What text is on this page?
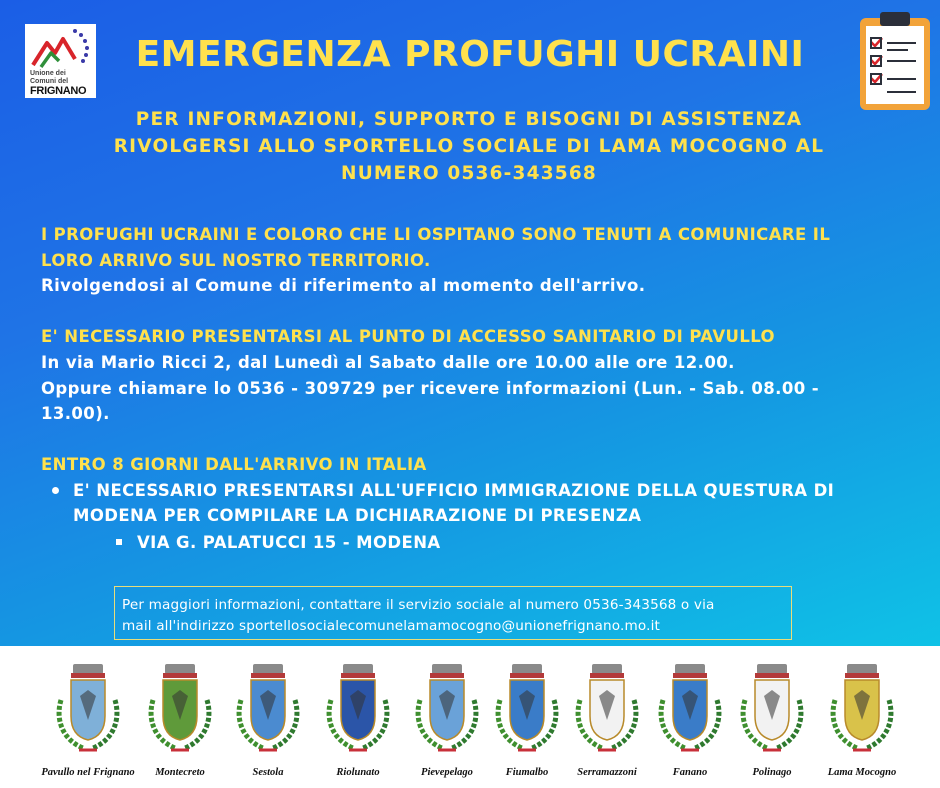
Unione dei
Comuni del
FRIGNANO
EMERGENZA PROFUGHI UCRAINI
PER INFORMAZIONI, SUPPORTO E BISOGNI DI ASSISTENZA
RIVOLGERSI ALLO SPORTELLO SOCIALE DI LAMA MOCOGNO AL
NUMERO 0536-343568
I PROFUGHI UCRAINI E COLORO CHE LI OSPITANO SONO TENUTI A COMUNICARE IL
LORO ARRIVO SUL NOSTRO TERRITORIO.
Rivolgendosi al Comune di riferimento al momento dell'arrivo.
E' NECESSARIO PRESENTARSI AL PUNTO DI ACCESSO SANITARIO DI PAVULLO
In via Mario Ricci 2, dal Lunedì al Sabato dalle ore 10.00 alle ore 12.00.
Oppure chiamare lo 0536 - 309729 per ricevere informazioni (Lun. - Sab. 08.00 -
13.00).
ENTRO 8 GIORNI DALL'ARRIVO IN ITALIA
E' NECESSARIO PRESENTARSI ALL'UFFICIO IMMIGRAZIONE DELLA QUESTURA DI
MODENA PER COMPILARE LA DICHIARAZIONE DI PRESENZA
VIA G. PALATUCCI 15 - MODENA
Per maggiori informazioni, contattare il servizio sociale al numero 0536-343568 o via
mail all'indirizzo sportellosocialecomunelamamocogno@unionefrignano.mo.it
Pavullo nel Frignano	Montecreto	Sestola	Riolunato	Pievepelago	Fiumalbo	Serramazzoni	Fanano	Polinago	Lama Mocogno
